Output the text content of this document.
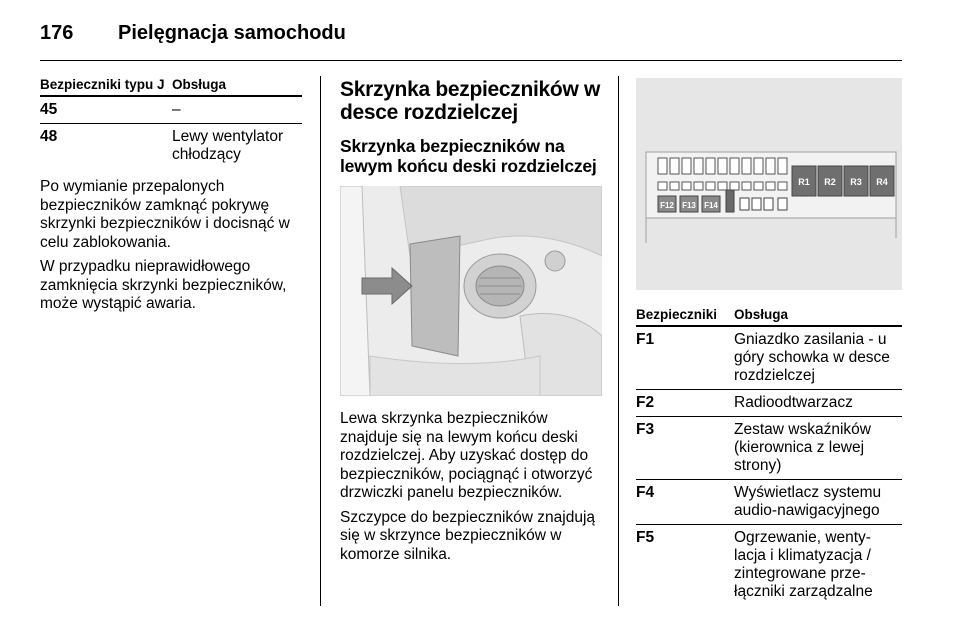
176 Pielęgnacja samochodu
Bezpieczniki typu J Obsługa
45	–
48	Lewy wentylator chłodzący

Po wymianie przepalonych bezpieczników zamknąć pokrywę skrzynki bezpieczników i docisnąć w celu zablokowania.

W przypadku nieprawidłowego zamknięcia skrzynki bezpieczników, może wystąpić awaria.

Skrzynka bezpieczników w desce rozdzielczej
Skrzynka bezpieczników na lewym końcu deski rozdzielczej

Lewa skrzynka bezpieczników znajduje się na lewym końcu deski rozdzielczej. Aby uzyskać dostęp do bezpieczników, pociągnąć i otworzyć drzwiczki panelu bezpieczników.

Szczypce do bezpieczników znajdują się w skrzynce bezpieczników w komorze silnika.

F12 F13 F14
R1 R2 R3 R4
Bezpieczniki	Obsługa
F1	Gniazdko zasilania - u góry schowka w desce rozdzielczej
F2	Radioodtwarzacz
F3	Zestaw wskaźników (kierownica z lewej strony)
F4	Wyświetlacz systemu audio-nawigacyjnego
F5	Ogrzewanie, wenty-lacja i klimatyzacja / zintegrowane prze-łączniki zarządzalne
